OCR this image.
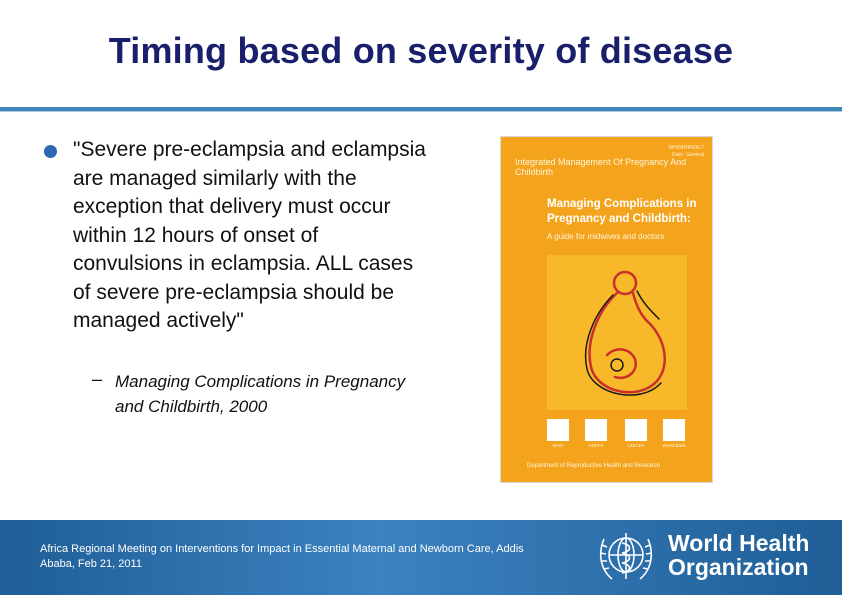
Timing based on severity of disease
"Severe pre-eclampsia and eclampsia are managed similarly with the exception that delivery must occur within 12 hours of onset of convulsions in eclampsia. ALL cases of severe pre-eclampsia should be managed actively"
– Managing Complications in Pregnancy and Childbirth, 2000
WHO/RHR/00.7 Distr.: General
Integrated Management Of Pregnancy And Childbirth
Managing Complications in Pregnancy and Childbirth:
A guide for midwives and doctors
WHO	UNFPA	UNICEF	World Bank
Department of Reproductive Health and Research
Africa Regional Meeting on Interventions for Impact in Essential Maternal and Newborn Care, Addis Ababa, Feb 21, 2011
World Health
Organization
